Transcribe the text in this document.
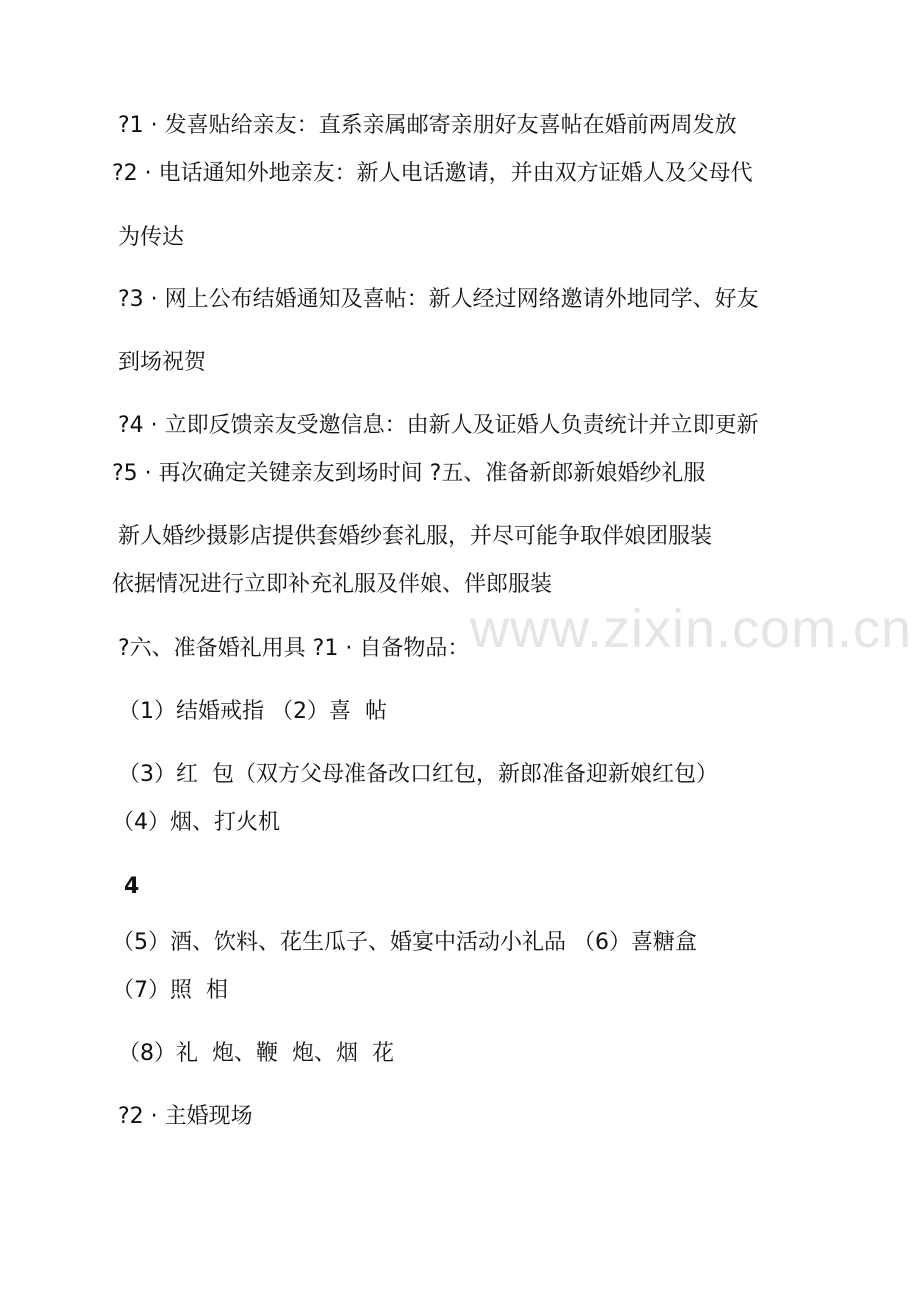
?1 · 发喜贴给亲友：直系亲属邮寄亲朋好友喜帖在婚前两周发放
?2 · 电话通知外地亲友：新人电话邀请，并由双方证婚人及父母代
为传达
?3 · 网上公布结婚通知及喜帖：新人经过网络邀请外地同学、好友
到场祝贺
?4 · 立即反馈亲友受邀信息：由新人及证婚人负责统计并立即更新
?5 · 再次确定关键亲友到场时间 ?五、准备新郎新娘婚纱礼服
新人婚纱摄影店提供套婚纱套礼服，并尽可能争取伴娘团服装
依据情况进行立即补充礼服及伴娘、伴郎服装
?六、准备婚礼用具 ?1 · 自备物品：
（1）结婚戒指 （2）喜  帖
（3）红  包（双方父母准备改口红包，新郎准备迎新娘红包）
（4）烟、打火机
4
（5）酒、饮料、花生瓜子、婚宴中活动小礼品 （6）喜糖盒
（7）照  相
（8）礼  炮、鞭  炮、烟  花
?2 · 主婚现场
www.zixin.com.cn
